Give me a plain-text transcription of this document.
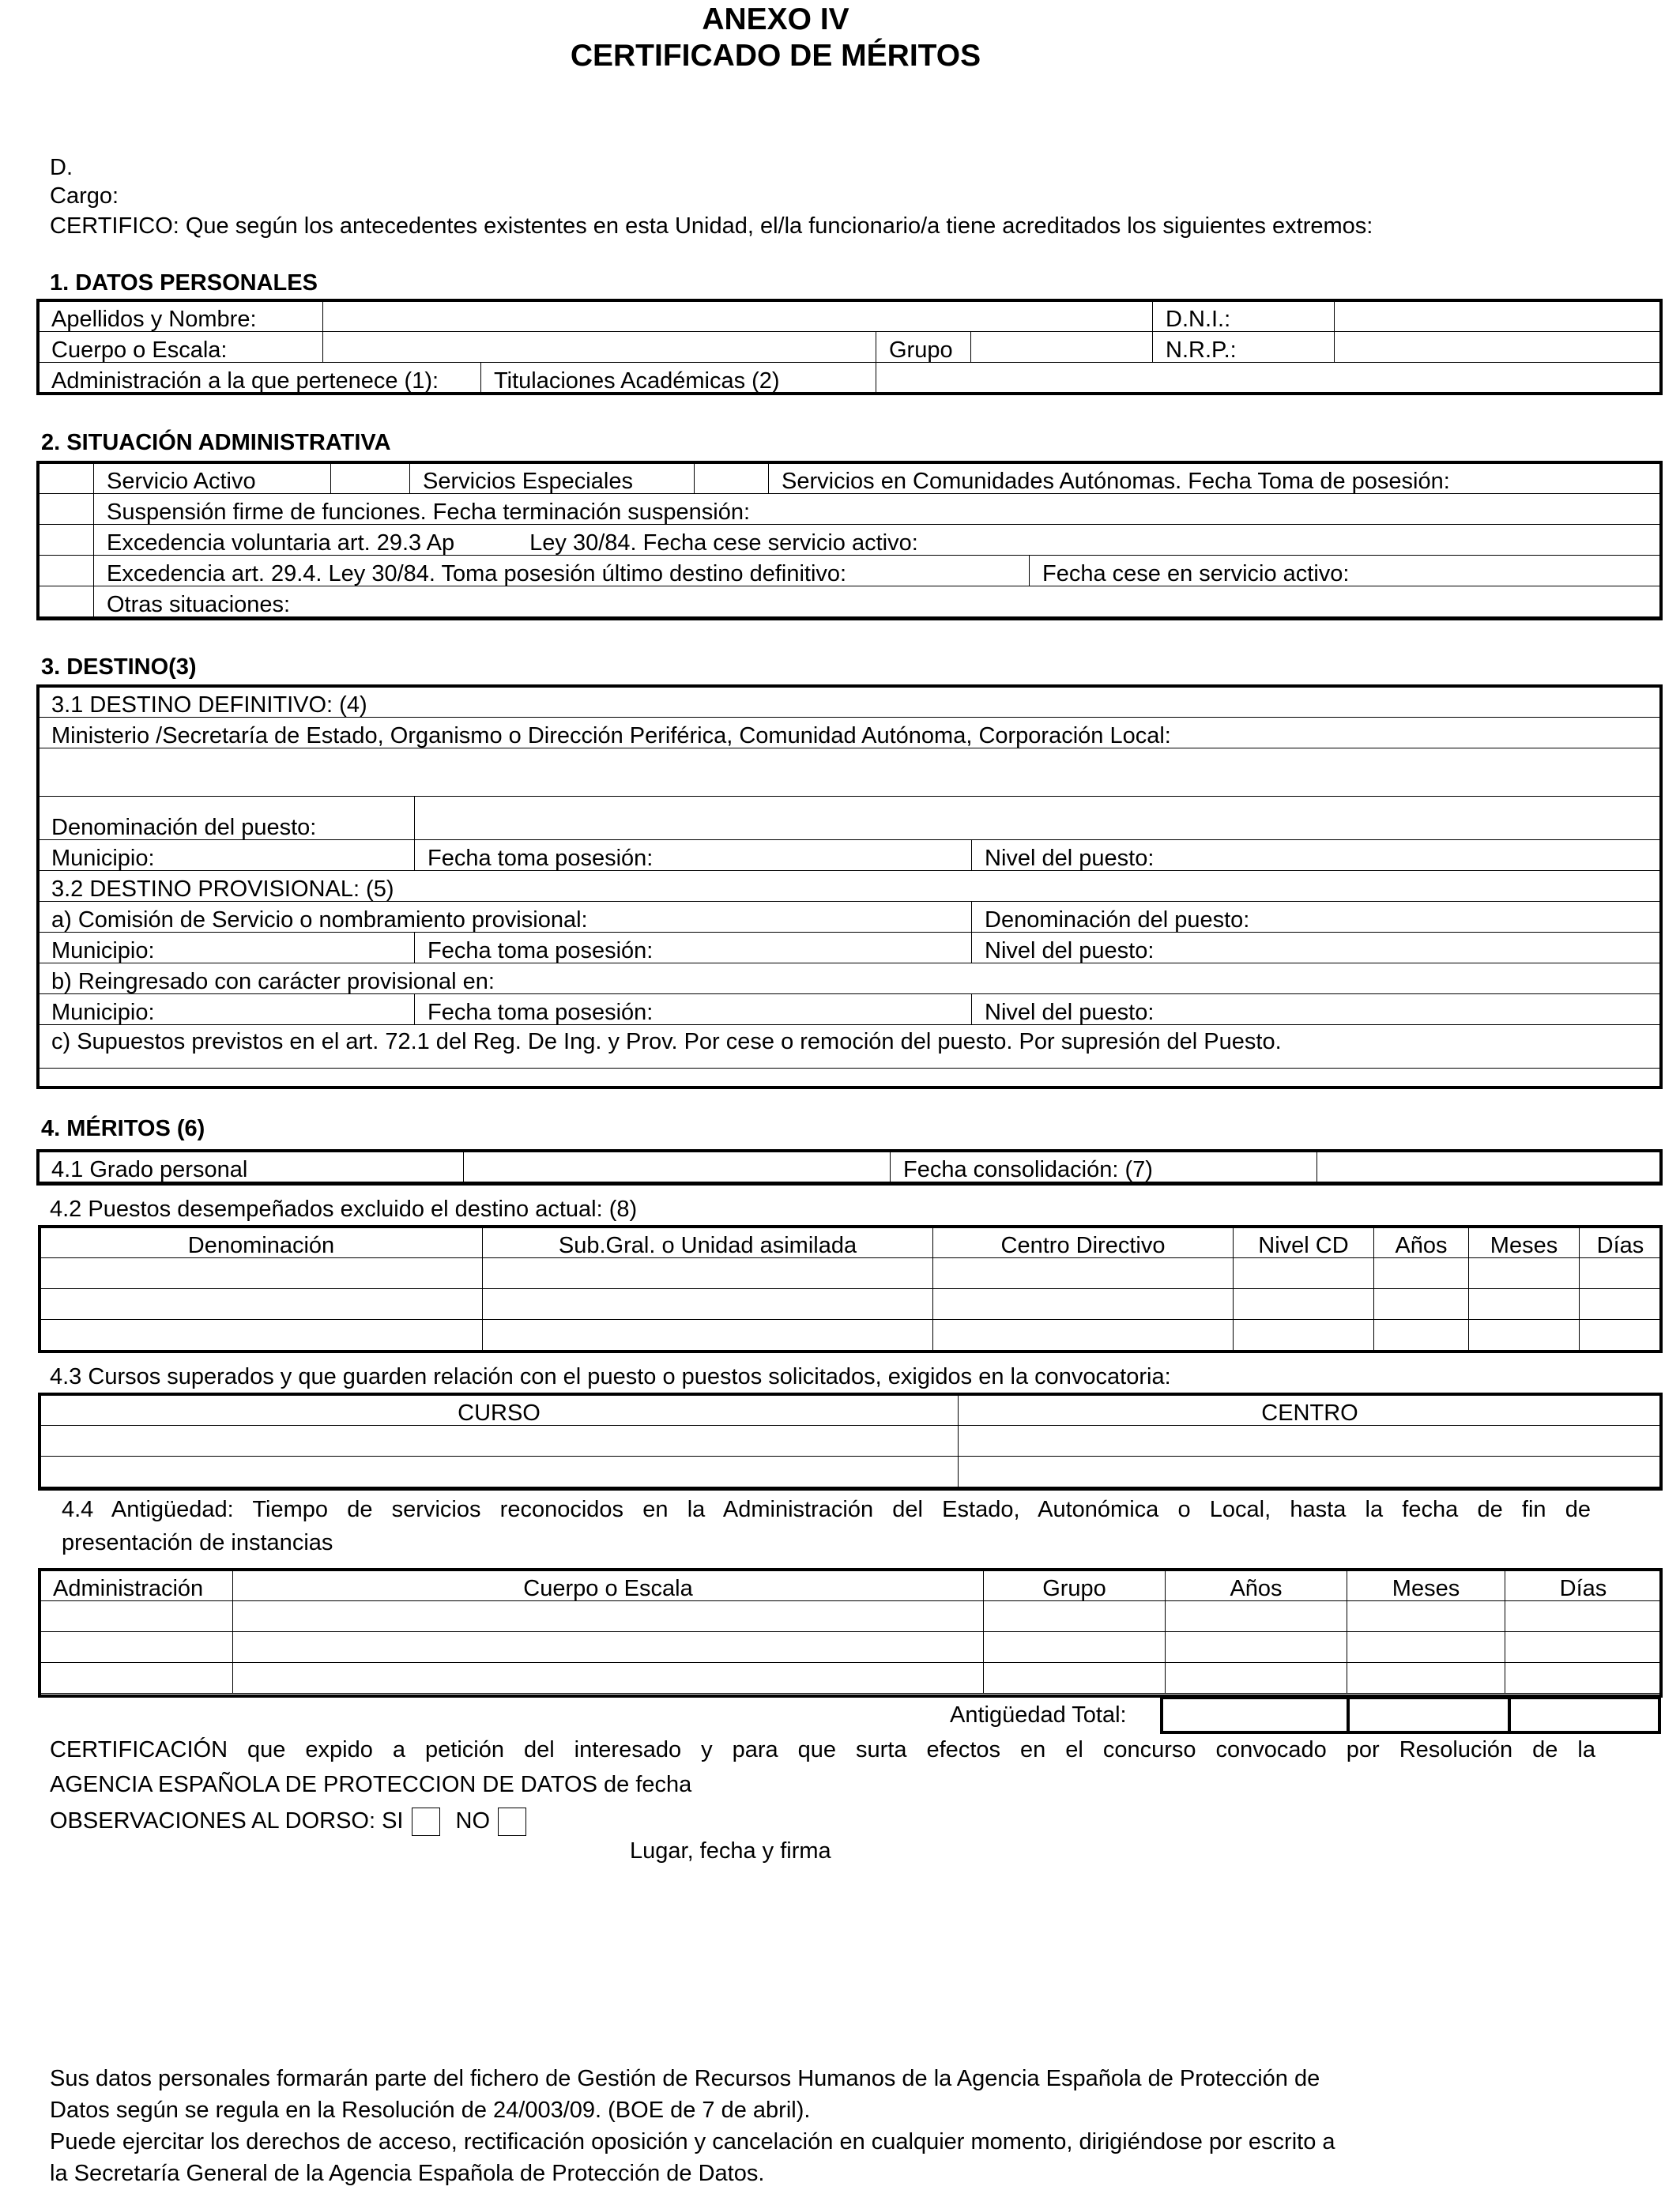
ANEXO IV
CERTIFICADO DE MÉRITOS
D.
Cargo:
CERTIFICO: Que según los antecedentes existentes en esta Unidad, el/la funcionario/a tiene acreditados los siguientes extremos:
1. DATOS PERSONALES
Apellidos y Nombre:					D.N.I.:	
Cuerpo o Escala:			Grupo		N.R.P.:	
Administración a la que pertenece (1):		Titulaciones Académicas (2)				
2. SITUACIÓN ADMINISTRATIVA
	Servicio Activo		Servicios Especiales		Servicios en Comunidades Autónomas. Fecha Toma de posesión:	
	Suspensión firme de funciones. Fecha terminación suspensión:					
	Excedencia voluntaria art. 29.3 Ap Ley 30/84. Fecha cese servicio activo:					
	Excedencia art. 29.4. Ley 30/84. Toma posesión último destino definitivo:					Fecha cese en servicio activo:
	Otras situaciones:					
3. DESTINO(3)
3.1 DESTINO DEFINITIVO: (4)		
Ministerio /Secretaría de Estado, Organismo o Dirección Periférica, Comunidad Autónoma, Corporación Local:		

Denominación del puesto:		
Municipio:	Fecha toma posesión:	Nivel del puesto:
3.2 DESTINO PROVISIONAL: (5)		
a) Comisión de Servicio o nombramiento provisional:		Denominación del puesto:
Municipio:	Fecha toma posesión:	Nivel del puesto:
b) Reingresado con carácter provisional en:		
Municipio:	Fecha toma posesión:	Nivel del puesto:
c) Supuestos previstos en el art. 72.1 del Reg. De Ing. y Prov. Por cese o remoción del puesto. Por supresión del Puesto.		
4. MÉRITOS (6)
4.1 Grado personal		Fecha consolidación: (7)	
4.2 Puestos desempeñados excluido el destino actual: (8)
Denominación	Sub.Gral. o Unidad asimilada	Centro Directivo	Nivel CD	Años	Meses	Días

4.3 Cursos superados y que guarden relación con el puesto o puestos solicitados, exigidos en la convocatoria:
CURSO	CENTRO

4.4 Antigüedad: Tiempo de servicios reconocidos en la Administración del Estado, Autonómica o Local, hasta la fecha de fin de
presentación de instancias
Administración	Cuerpo o Escala	Grupo	Años	Meses	Días

Antigüedad Total:
CERTIFICACIÓN que expido a petición del interesado y para que surta efectos en el concurso convocado por Resolución de la
AGENCIA ESPAÑOLA DE PROTECCION DE DATOS de fecha
OBSERVACIONES AL DORSO: SI NO
Lugar, fecha y firma
Sus datos personales formarán parte del fichero de Gestión de Recursos Humanos de la Agencia Española de Protección de
Datos según se regula en la Resolución de 24/003/09. (BOE de 7 de abril).
Puede ejercitar los derechos de acceso, rectificación oposición y cancelación en cualquier momento, dirigiéndose por escrito a
la Secretaría General de la Agencia Española de Protección de Datos.
